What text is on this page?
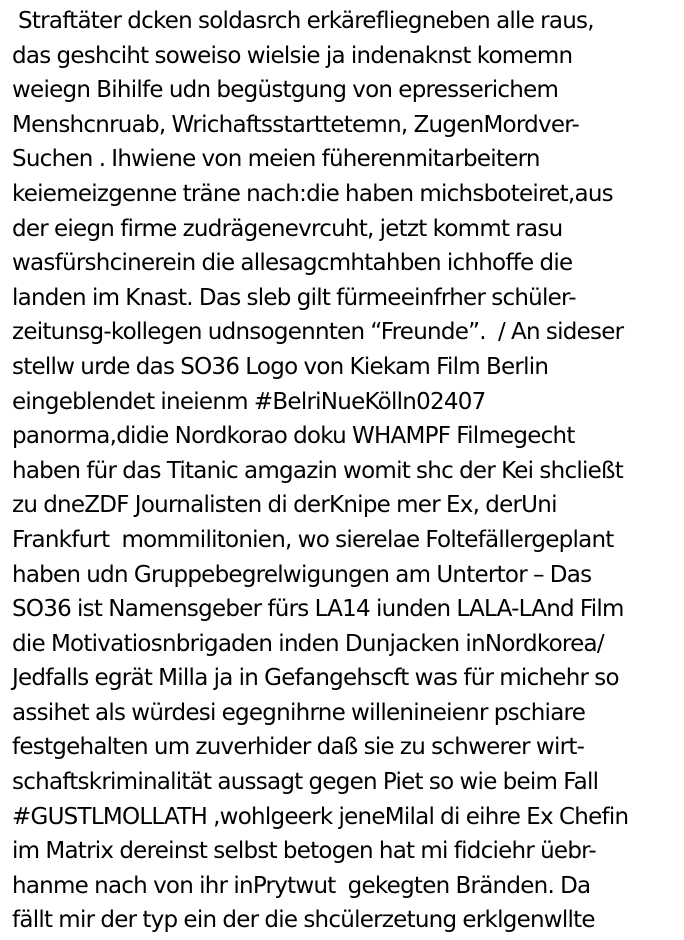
Straftäter dcken soldasrch erkärefliegneben alle raus,
das geshciht soweiso wielsie ja indenaknst komemn
weiegn Bihilfe udn begüstgung von epresserichem
Menshcnruab, Wrichaftsstarttetemn, ZugenMordver-
Suchen . Ihwiene von meien füherenmitarbeitern
keiemeizgenne träne nach:die haben michsboteiret,aus
der eiegn firme zudrägenevrcuht, jetzt kommt rasu
wasfürshcinerein die allesagcmhtahben ichhoffe die
landen im Knast. Das sleb gilt fürmeeinfrher schüler-
zeitunsg-kollegen udnsogennten “Freunde”.  / An sideser
stellw urde das SO36 Logo von Kiekam Film Berlin
eingeblendet ineienm #BelriNueKölln02407
panorma,didie Nordkorao doku WHAMPF Filmegecht
haben für das Titanic amgazin womit shc der Kei shcließt
zu dneZDF Journalisten di derKnipe mer Ex, derUni
Frankfurt  mommilitonien, wo sierelae Foltefällergeplant
haben udn Gruppebegrelwigungen am Untertor – Das
SO36 ist Namensgeber fürs LA14 iunden LALA-LAnd Film
die Motivatiosnbrigaden inden Dunjacken inNordkorea/
Jedfalls egrät Milla ja in Gefangehscft was für michehr so
assihet als würdesi egegnihrne willenineienr pschiare
festgehalten um zuverhider daß sie zu schwerer wirt-
schaftskriminalität aussagt gegen Piet so wie beim Fall
#GUSTLMOLLATH ,wohlgeerk jeneMilal di eihre Ex Chefin
im Matrix dereinst selbst betogen hat mi fidciehr üebr-
hanme nach von ihr inPrytwut  gekegten Bränden. Da
fällt mir der typ ein der die shcülerzetung erklgenwllte
